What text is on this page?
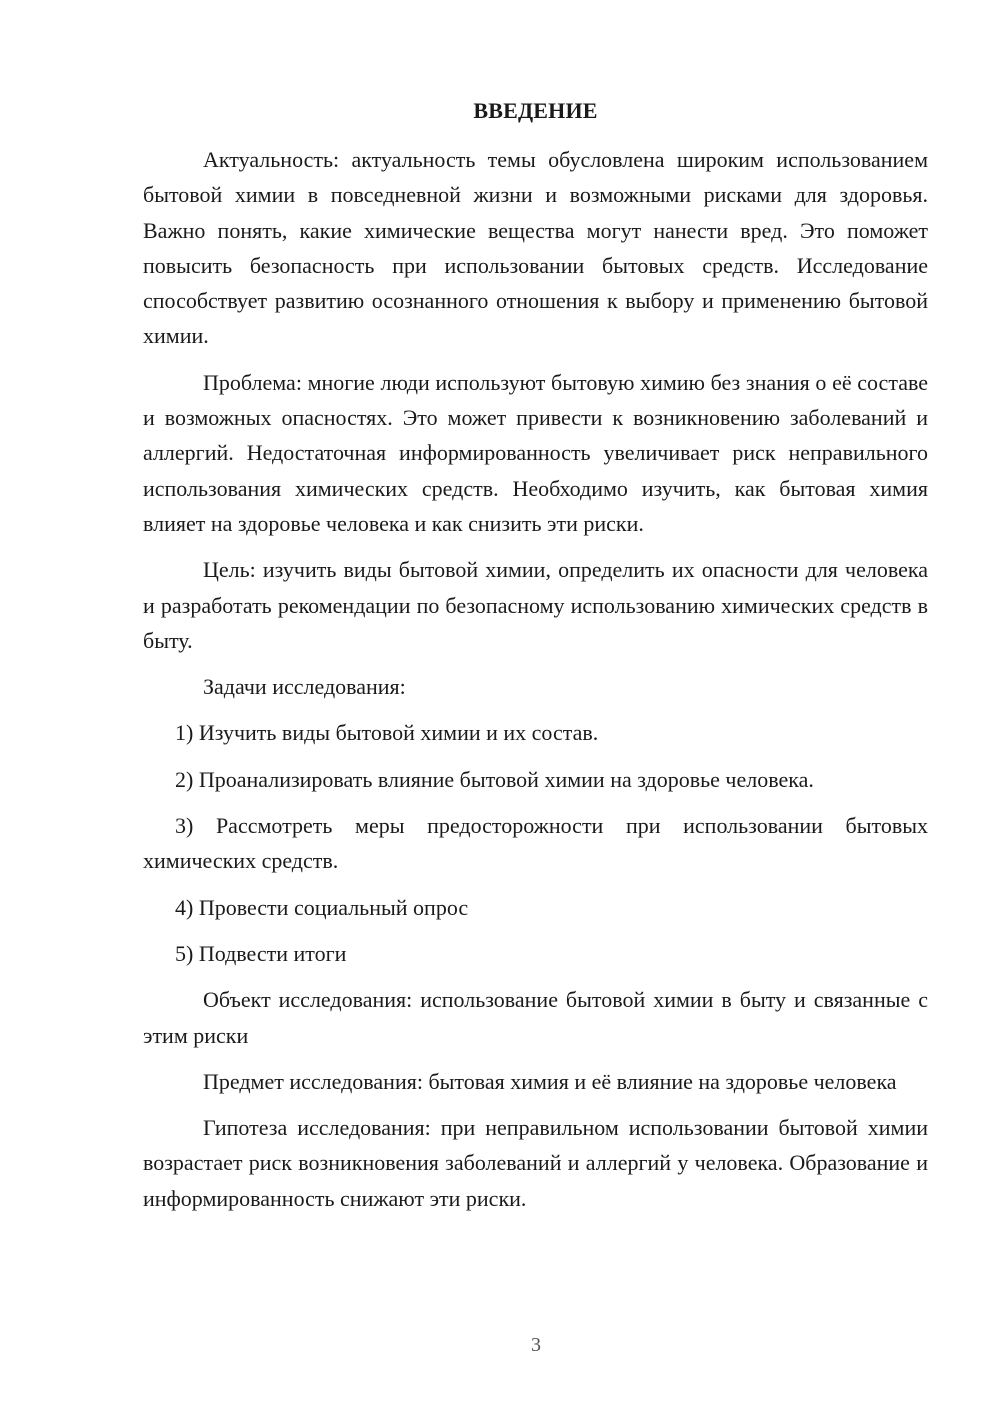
ВВЕДЕНИЕ

Актуальность: актуальность темы обусловлена широким использованием бытовой химии в повседневной жизни и возможными рисками для здоровья. Важно понять, какие химические вещества могут нанести вред. Это поможет повысить безопасность при использовании бытовых средств. Исследование способствует развитию осознанного отношения к выбору и применению бытовой химии.

Проблема: многие люди используют бытовую химию без знания о её составе и возможных опасностях. Это может привести к возникновению заболеваний и аллергий. Недостаточная информированность увеличивает риск неправильного использования химических средств. Необходимо изучить, как бытовая химия влияет на здоровье человека и как снизить эти риски.

Цель: изучить виды бытовой химии, определить их опасности для человека и разработать рекомендации по безопасному использованию химических средств в быту.

Задачи исследования:

1) Изучить виды бытовой химии и их состав.

2) Проанализировать влияние бытовой химии на здоровье человека.

3) Рассмотреть меры предосторожности при использовании бытовых химических средств.

4) Провести социальный опрос

5) Подвести итоги

Объект исследования: использование бытовой химии в быту и связанные с этим риски

Предмет исследования: бытовая химия и её влияние на здоровье человека

Гипотеза исследования: при неправильном использовании бытовой химии возрастает риск возникновения заболеваний и аллергий у человека. Образование и информированность снижают эти риски.

3
